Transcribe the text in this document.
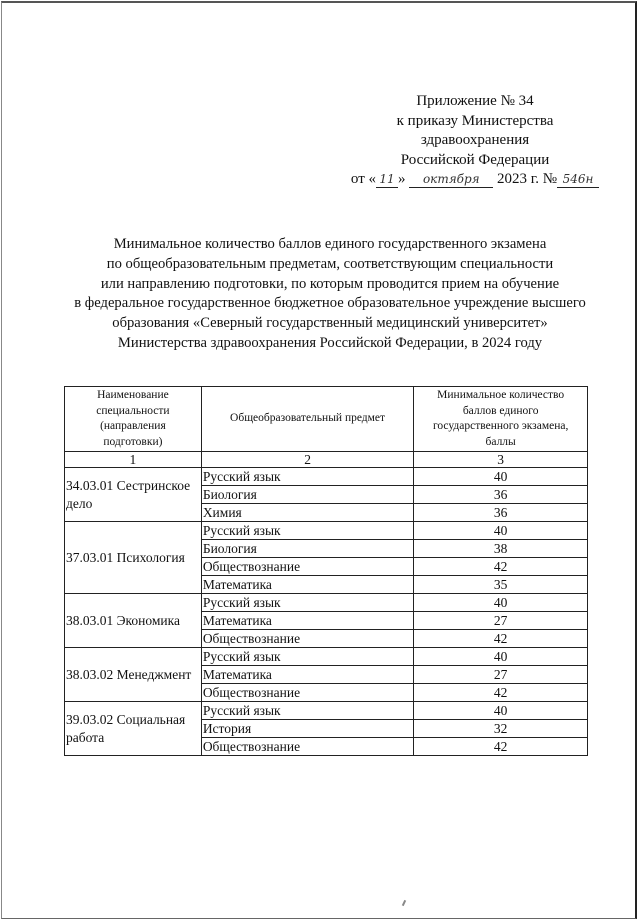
Приложение № 34
к приказу Министерства
здравоохранения
Российской Федерации
от « 11 » октября 2023 г. № 546н
Минимальное количество баллов единого государственного экзамена
по общеобразовательным предметам, соответствующим специальности
или направлению подготовки, по которым проводится прием на обучение
в федеральное государственное бюджетное образовательное учреждение высшего
образования «Северный государственный медицинский университет»
Министерства здравоохранения Российской Федерации, в 2024 году
Наименование специальности (направления подготовки)	Общеобразовательный предмет	Минимальное количество баллов единого государственного экзамена, баллы
1	2	3
34.03.01 Сестринское дело	Русский язык	40
	Биология	36
	Химия	36
37.03.01 Психология	Русский язык	40
	Биология	38
	Обществознание	42
	Математика	35
38.03.01 Экономика	Русский язык	40
	Математика	27
	Обществознание	42
38.03.02 Менеджмент	Русский язык	40
	Математика	27
	Обществознание	42
39.03.02 Социальная работа	Русский язык	40
	История	32
	Обществознание	42
